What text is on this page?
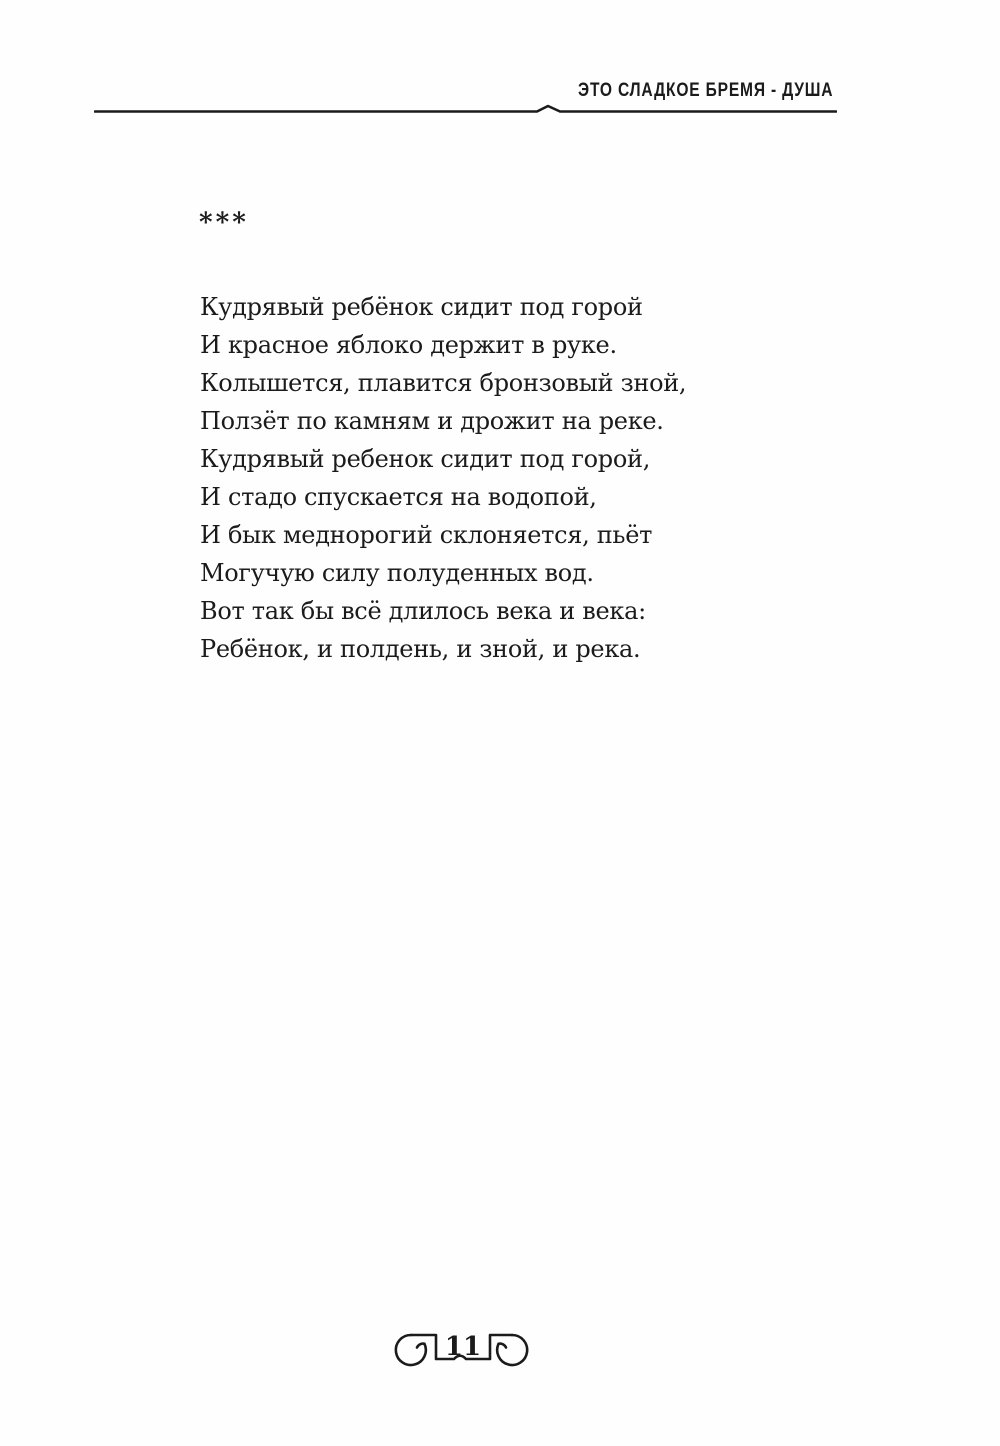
ЭТО СЛАДКОЕ БРЕМЯ - ДУША
***
Кудрявый ребёнок сидит под горой
И красное яблоко держит в руке.
Колышется, плавится бронзовый зной,
Ползёт по камням и дрожит на реке.
Кудрявый ребенок сидит под горой,
И стадо спускается на водопой,
И бык меднорогий склоняется, пьёт
Могучую силу полуденных вод.
Вот так бы всё длилось века и века:
Ребёнок, и полдень, и зной, и река.
11
